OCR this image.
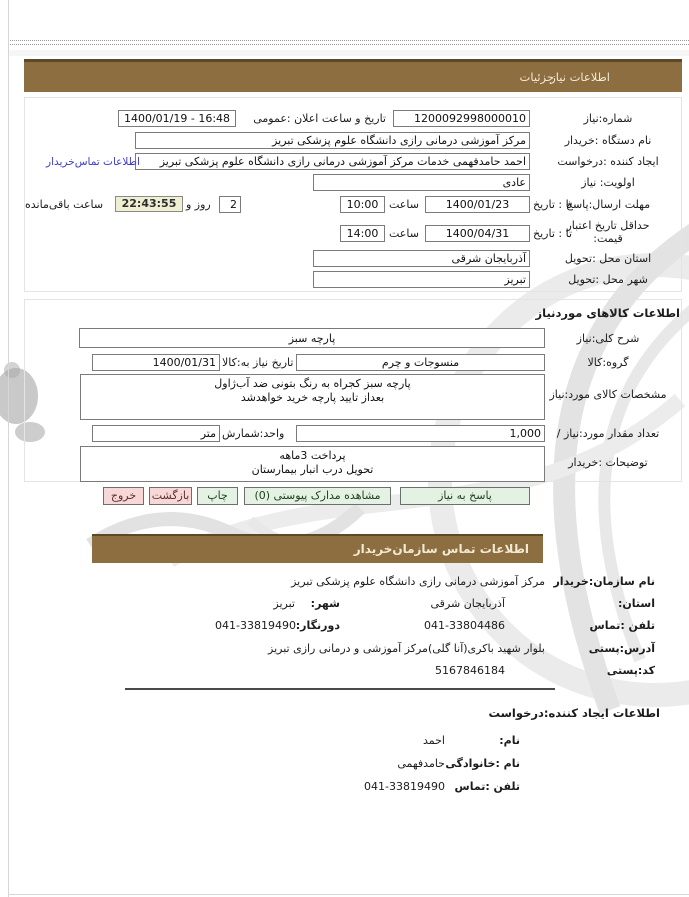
اطلاعات نیاز
جزئیات
شماره:نیاز
1200092998000010
تاریخ و ساعت اعلان :عمومی
1400/01/19 - 16:48
نام دستگاه :خریدار
مرکز آموزشی درمانی رازی دانشگاه علوم پزشکی تبریز
ایجاد کننده :درخواست
احمد حامدفهمی خدمات مرکز آموزشی درمانی رازی دانشگاه علوم پزشکی تبریز
اطلاعات تماس‌خریدار
اولویت: نیاز
عادی
مهلت ارسال:پاسخ
تا : تاریخ
1400/01/23
ساعت
10:00
2
روز و
22:43:55
ساعت باقی‌مانده
حداقل تاریخ اعتبار
قیمت:
تا : تاریخ
1400/04/31
ساعت
14:00
استان محل :تحویل
آذربایجان شرقی
شهر محل :تحویل
تبریز
اطلاعات کالاهای موردنیاز
شرح کلی:نیاز
پارچه سبز
گروه:کالا
منسوجات و چرم
تاریخ نیاز به:کالا
1400/01/31
مشخصات کالای مورد:نیاز
پارچه سبز کجراه به رنگ بتونی ضد آب‌ژاول
بعداز تایید پارچه خرید خواهدشد
تعداد مقدار مورد:نیاز /
1,000
واحد:شمارش
متر
توضیحات :خریدار
پرداخت 3ماهه
تحویل درب انبار بیمارستان
پاسخ به نیاز
مشاهده مدارک پیوستی (0)
چاپ
بازگشت
خروج
اطلاعات تماس سازمان‌خریدار
نام سازمان:خریدار
مرکز آموزشی درمانی رازی دانشگاه علوم پزشکی تبریز
استان:
آذربایجان شرقی
شهر:
تبریز
تلفن :تماس
041-33804486
دورنگار:
041-33819490
آدرس:پستی
بلوار شهید باکری(آنا گلی)مرکز آموزشی و درمانی رازی تبریز
کد:پستی
5167846184
اطلاعات ایجاد کننده:درخواست
نام:
احمد
نام :خانوادگی
حامدفهمی
تلفن :تماس
041-33819490
